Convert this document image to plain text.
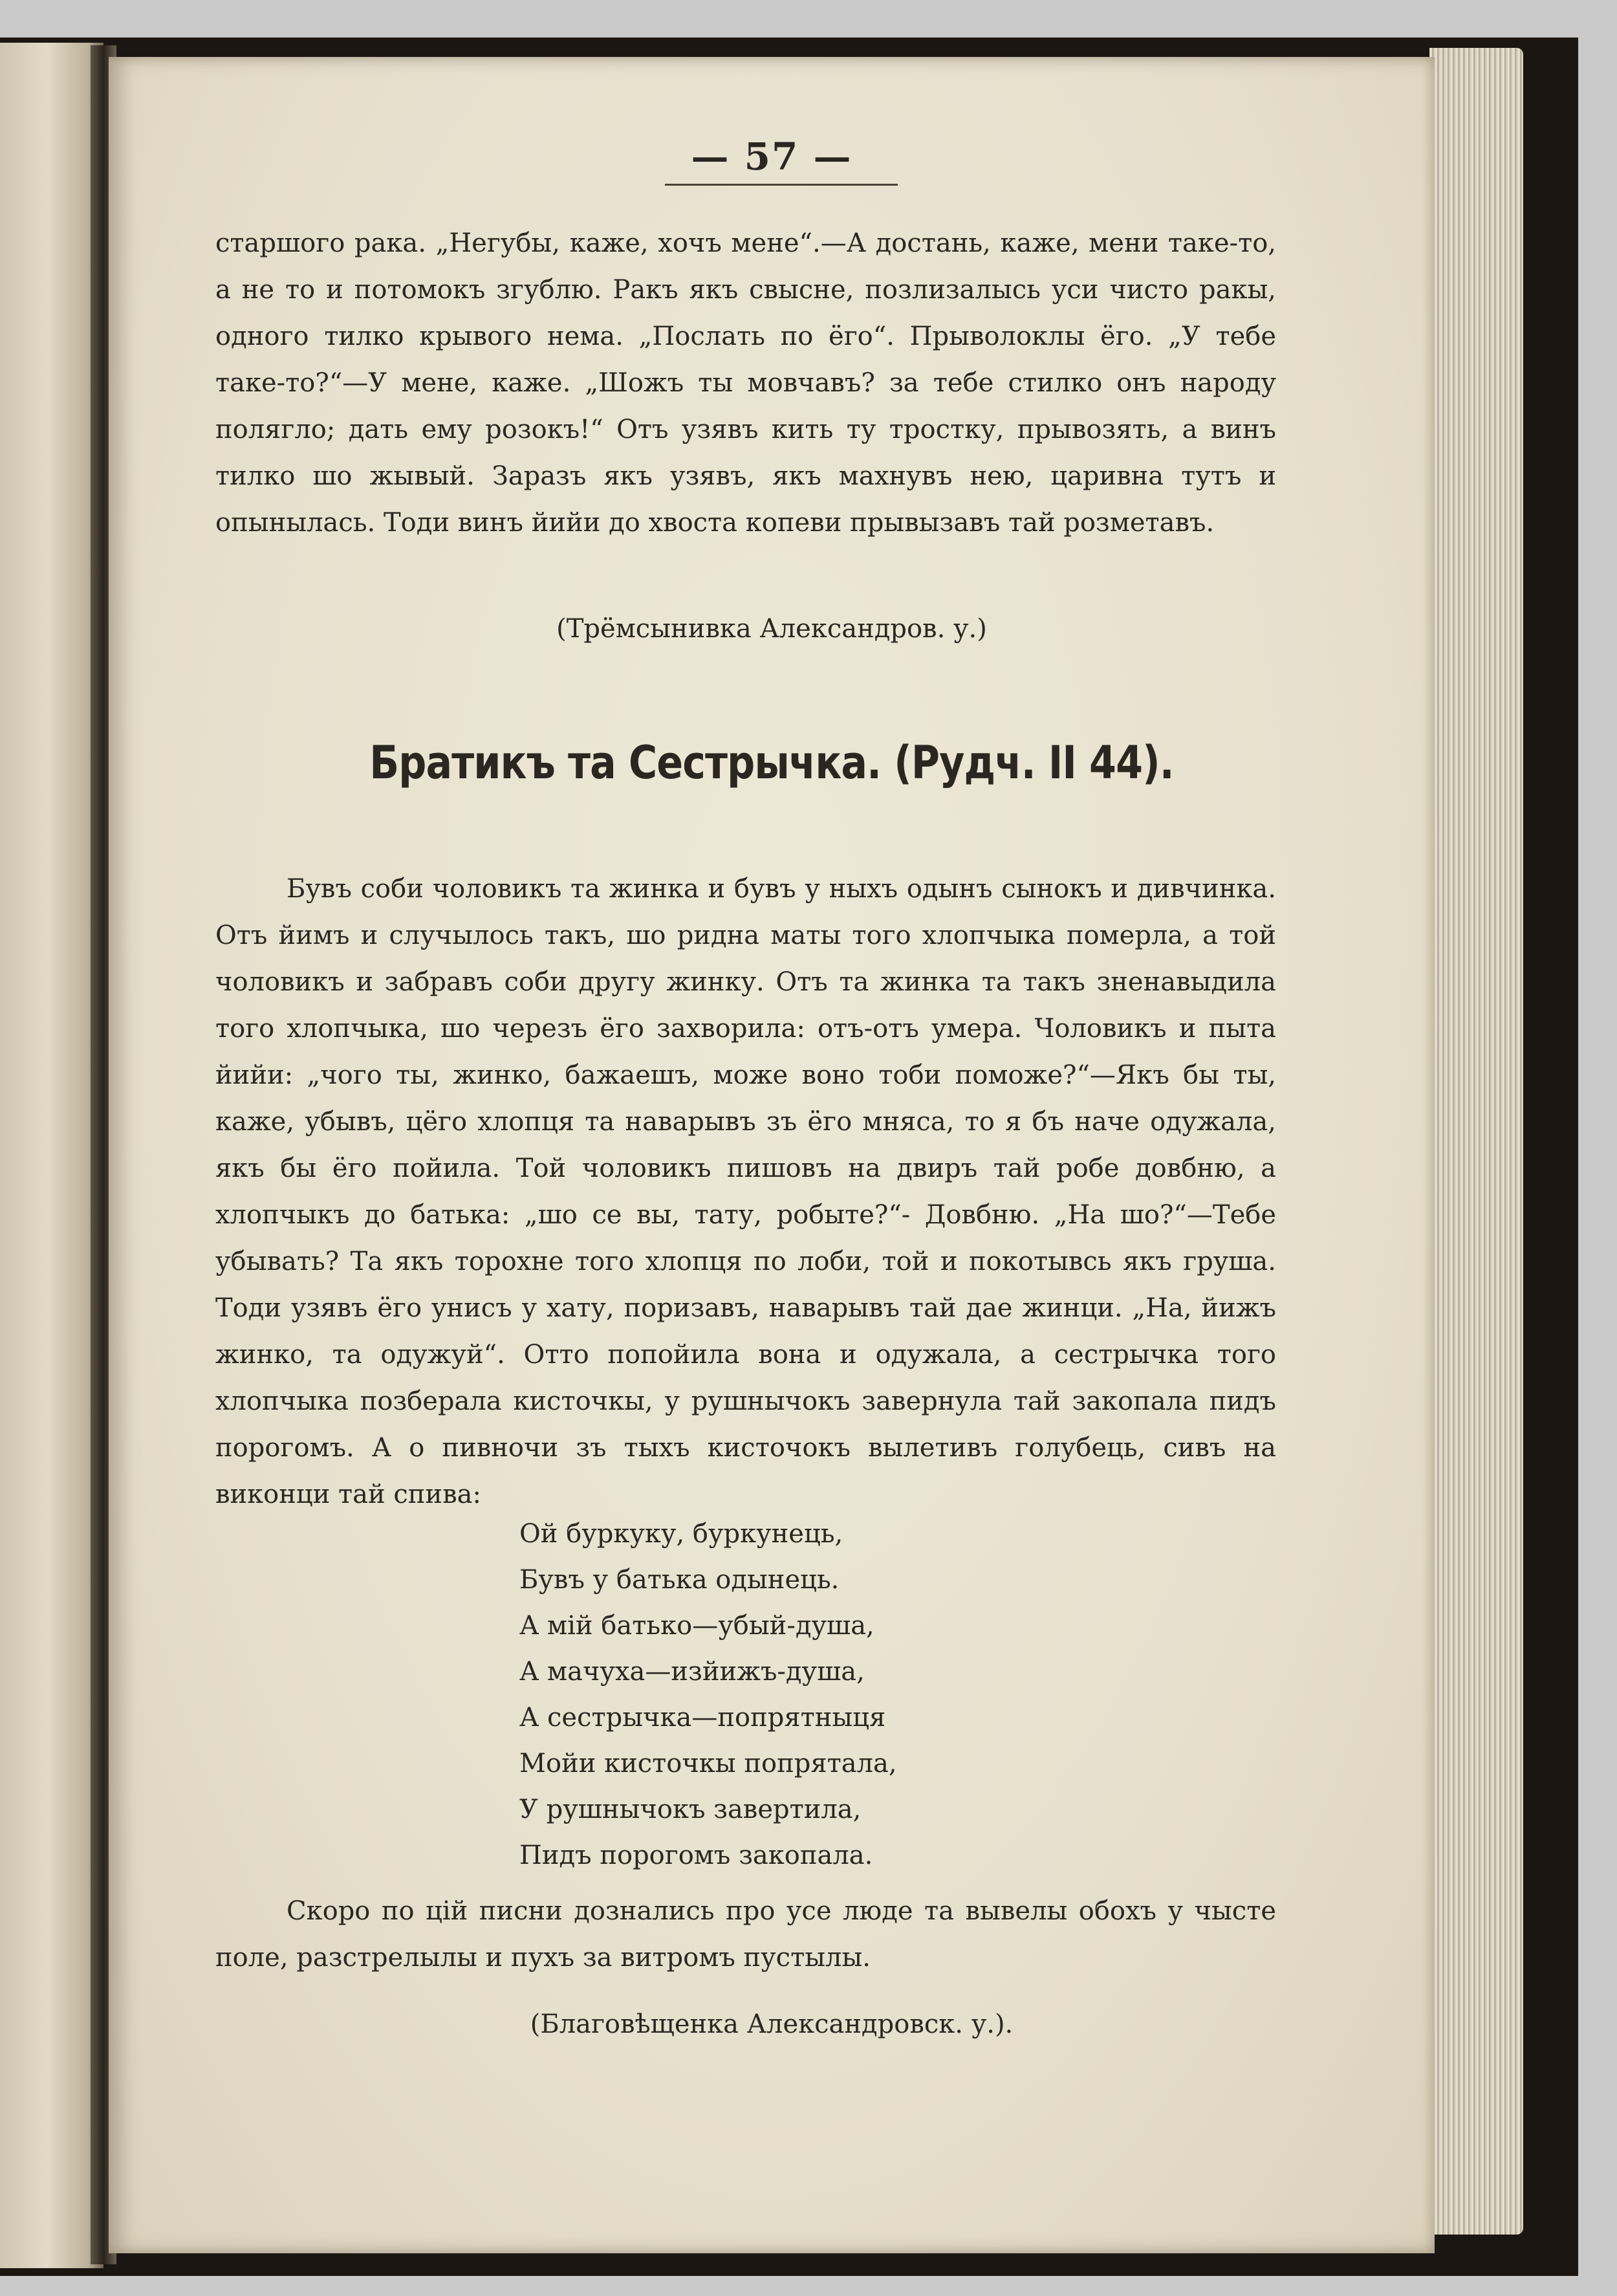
— 57 —
старшого рака. „Негубы, каже, хочъ мене“.—А достань, каже, мени таке-то, а не то и потомокъ згублю. Ракъ якъ свысне, позлизалысь уси чисто ракы, одного тилко крывого нема. „Послать по ёго“. Прыволоклы ёго. „У тебе таке-то?“—У мене, каже. „Шожъ ты мовчавъ? за тебе стилко онъ народу полягло; дать ему розокъ!“ Отъ узявъ кить ту тростку, прывозять, а винъ тилко шо жывый. Заразъ якъ узявъ, якъ махнувъ нею, царивна тутъ и опынылась. Тоди винъ йийи до хвоста копеви прывызавъ тай розметавъ.
(Трёмсынивка Александров. у.)
Братикъ та Сестрычка. (Рудч. II 44).
Бувъ соби чоловикъ та жинка и бувъ у ныхъ одынъ сынокъ и дивчинка. Отъ йимъ и случылось такъ, шо ридна маты того хлопчыка померла, а той чоловикъ и забравъ соби другу жинку. Отъ та жинка та такъ зненавыдила того хлопчыка, шо черезъ ёго захворила: отъ-отъ умера. Чоловикъ и пыта йийи: „чого ты, жинко, бажаешъ, може воно тоби поможе?“—Якъ бы ты, каже, убывъ, цёго хлопця та наварывъ зъ ёго мняса, то я бъ наче одужала, якъ бы ёго пойила. Той чоловикъ пишовъ на двиръ тай робе довбню, а хлопчыкъ до батька: „шо се вы, тату, робыте?“- Довбню. „На шо?“—Тебе убывать? Та якъ торохне того хлопця по лоби, той и покотывсь якъ груша. Тоди узявъ ёго унисъ у хату, поризавъ, наварывъ тай дае жинци. „На, йижъ жинко, та одужуй“. Отто попойила вона и одужала, а сестрычка того хлопчыка позберала кисточкы, у рушнычокъ завернула тай закопала пидъ порогомъ. А о пивночи зъ тыхъ кисточокъ вылетивъ голубець, сивъ на виконци тай спива:
Ой буркуку, буркунець,
Бувъ у батька одынець.
А мій батько—убый-душа,
А мачуха—изйижъ-душа,
А сестрычка—попрятныця
Мойи кисточкы попрятала,
У рушнычокъ завертила,
Пидъ порогомъ закопала.
Скоро по цій писни дознались про усе люде та вывелы обохъ у чысте поле, разстрелылы и пухъ за витромъ пустылы.
(Благовѣщенка Александровск. у.).
